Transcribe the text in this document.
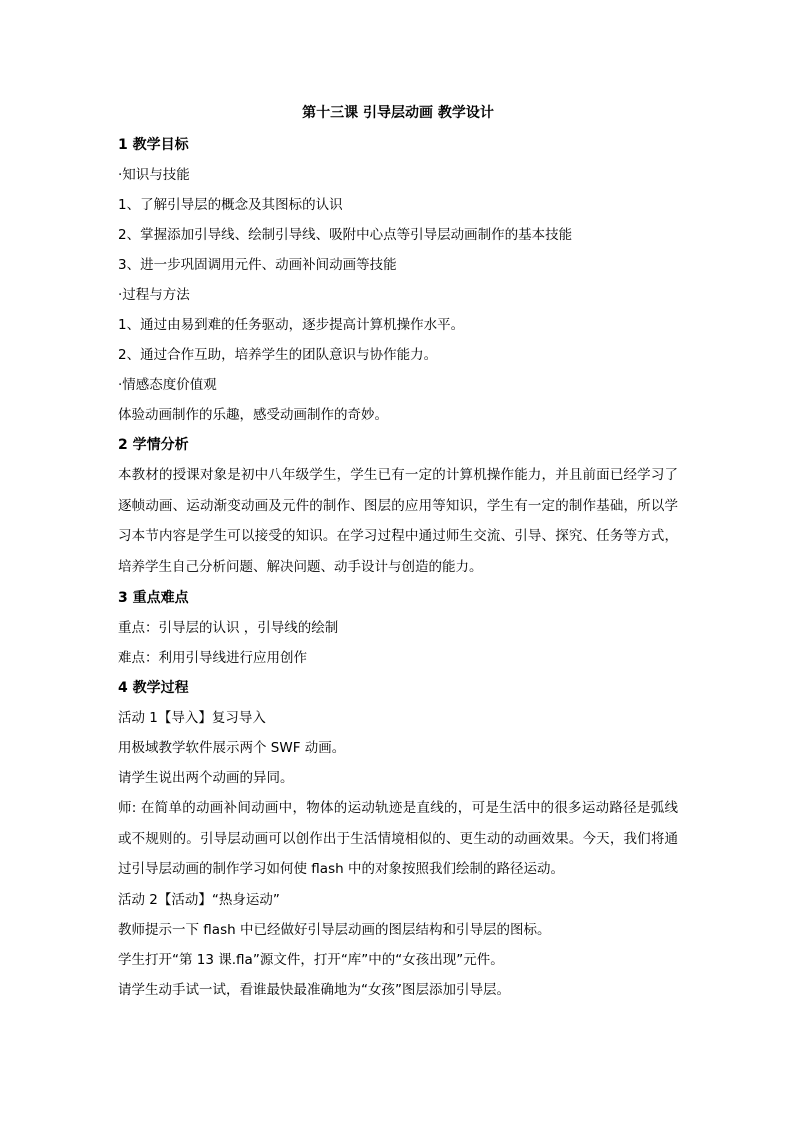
第十三课 引导层动画 教学设计
1 教学目标
·知识与技能
1、了解引导层的概念及其图标的认识
2、掌握添加引导线、绘制引导线、吸附中心点等引导层动画制作的基本技能
3、进一步巩固调用元件、动画补间动画等技能
·过程与方法
1、通过由易到难的任务驱动，逐步提高计算机操作水平。
2、通过合作互助，培养学生的团队意识与协作能力。
·情感态度价值观
体验动画制作的乐趣，感受动画制作的奇妙。
2 学情分析
本教材的授课对象是初中八年级学生，学生已有一定的计算机操作能力，并且前面已经学习了逐帧动画、运动渐变动画及元件的制作、图层的应用等知识，学生有一定的制作基础，所以学习本节内容是学生可以接受的知识。在学习过程中通过师生交流、引导、探究、任务等方式，培养学生自己分析问题、解决问题、动手设计与创造的能力。
3 重点难点
重点：引导层的认识 ，引导线的绘制
难点：利用引导线进行应用创作
4 教学过程
活动 1【导入】复习导入
用极域教学软件展示两个 SWF 动画。
请学生说出两个动画的异同。
师: 在简单的动画补间动画中，物体的运动轨迹是直线的，可是生活中的很多运动路径是弧线或不规则的。引导层动画可以创作出于生活情境相似的、更生动的动画效果。今天，我们将通过引导层动画的制作学习如何使 flash 中的对象按照我们绘制的路径运动。
活动 2【活动】“热身运动”
教师提示一下 flash 中已经做好引导层动画的图层结构和引导层的图标。
学生打开“第 13 课.fla”源文件，打开“库”中的“女孩出现”元件。
请学生动手试一试，看谁最快最准确地为“女孩”图层添加引导层。
